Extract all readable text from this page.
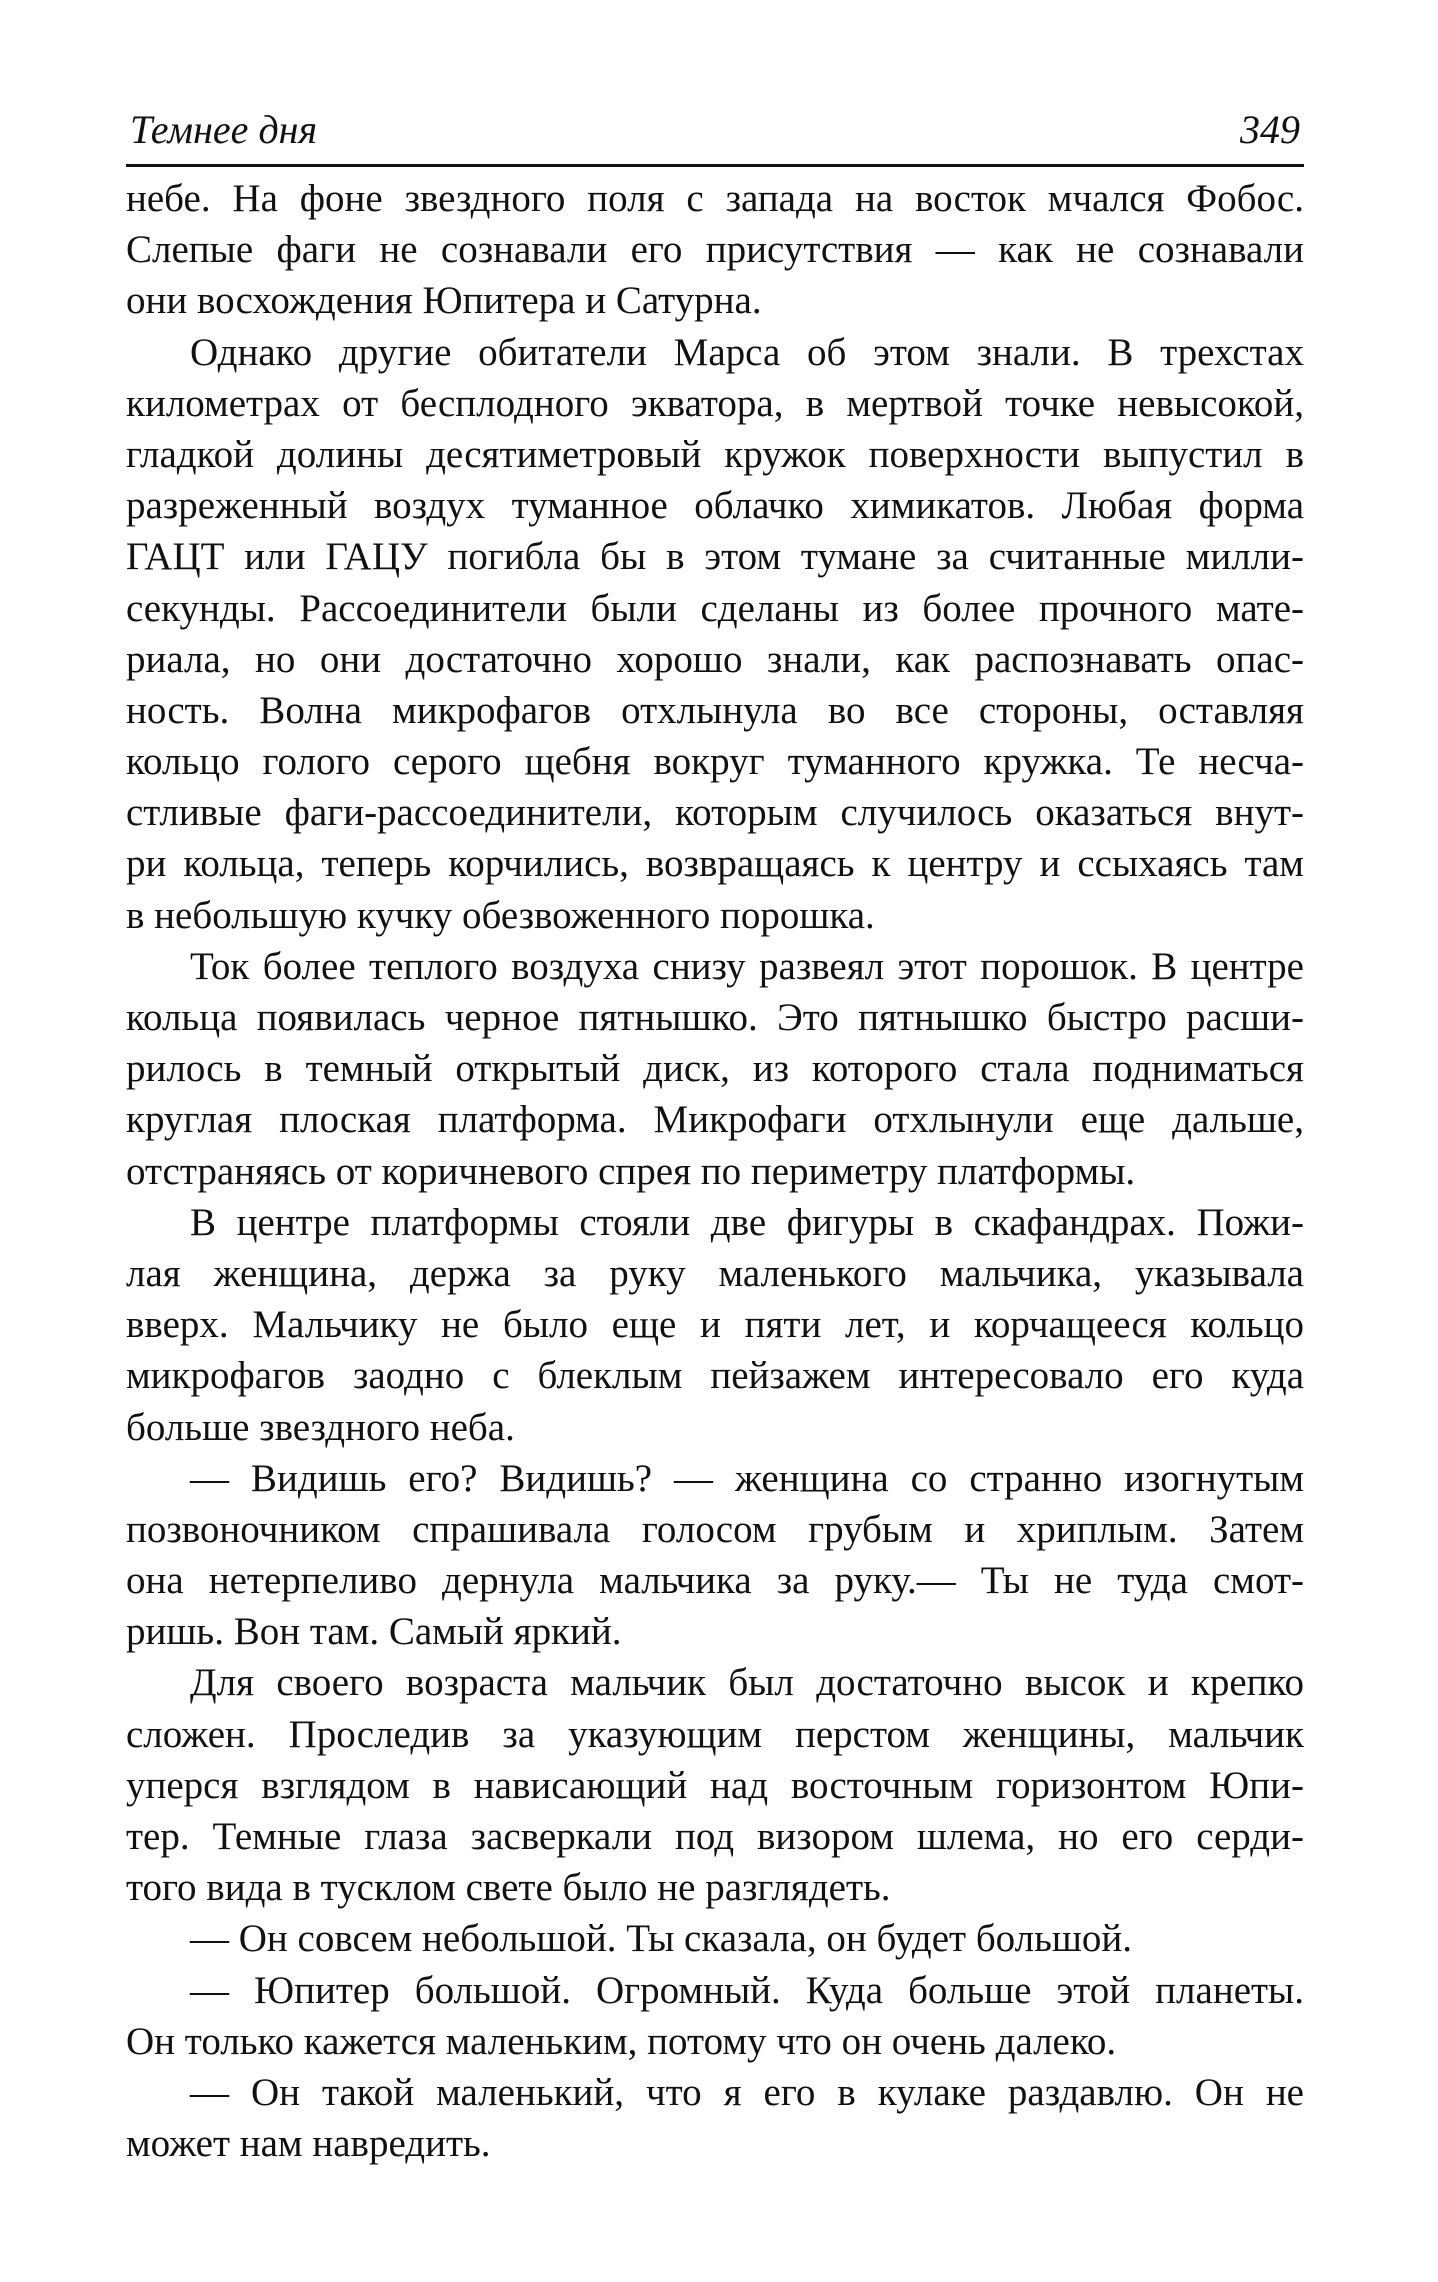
Темнее дня	349
небе. На фоне звездного поля с запада на восток мчался Фобос.
Слепые фаги не сознавали его присутствия — как не сознавали
они восхождения Юпитера и Сатурна.
Однако другие обитатели Марса об этом знали. В трехстах
километрах от бесплодного экватора, в мертвой точке невысокой,
гладкой долины десятиметровый кружок поверхности выпустил в
разреженный воздух туманное облачко химикатов. Любая форма
ГАЦТ или ГАЦУ погибла бы в этом тумане за считанные милли-
секунды. Рассоединители были сделаны из более прочного мате-
риала, но они достаточно хорошо знали, как распознавать опас-
ность. Волна микрофагов отхлынула во все стороны, оставляя
кольцо голого серого щебня вокруг туманного кружка. Те несча-
стливые фаги-рассоединители, которым случилось оказаться внут-
ри кольца, теперь корчились, возвращаясь к центру и ссыхаясь там
в небольшую кучку обезвоженного порошка.
Ток более теплого воздуха снизу развеял этот порошок. В центре
кольца появилась черное пятнышко. Это пятнышко быстро расши-
рилось в темный открытый диск, из которого стала подниматься
круглая плоская платформа. Микрофаги отхлынули еще дальше,
отстраняясь от коричневого спрея по периметру платформы.
В центре платформы стояли две фигуры в скафандрах. Пожи-
лая женщина, держа за руку маленького мальчика, указывала
вверх. Мальчику не было еще и пяти лет, и корчащееся кольцо
микрофагов заодно с блеклым пейзажем интересовало его куда
больше звездного неба.
— Видишь его? Видишь? — женщина со странно изогнутым
позвоночником спрашивала голосом грубым и хриплым. Затем
она нетерпеливо дернула мальчика за руку.— Ты не туда смот-
ришь. Вон там. Самый яркий.
Для своего возраста мальчик был достаточно высок и крепко
сложен. Проследив за указующим перстом женщины, мальчик
уперся взглядом в нависающий над восточным горизонтом Юпи-
тер. Темные глаза засверкали под визором шлема, но его серди-
того вида в тусклом свете было не разглядеть.
— Он совсем небольшой. Ты сказала, он будет большой.
— Юпитер большой. Огромный. Куда больше этой планеты.
Он только кажется маленьким, потому что он очень далеко.
— Он такой маленький, что я его в кулаке раздавлю. Он не
может нам навредить.
